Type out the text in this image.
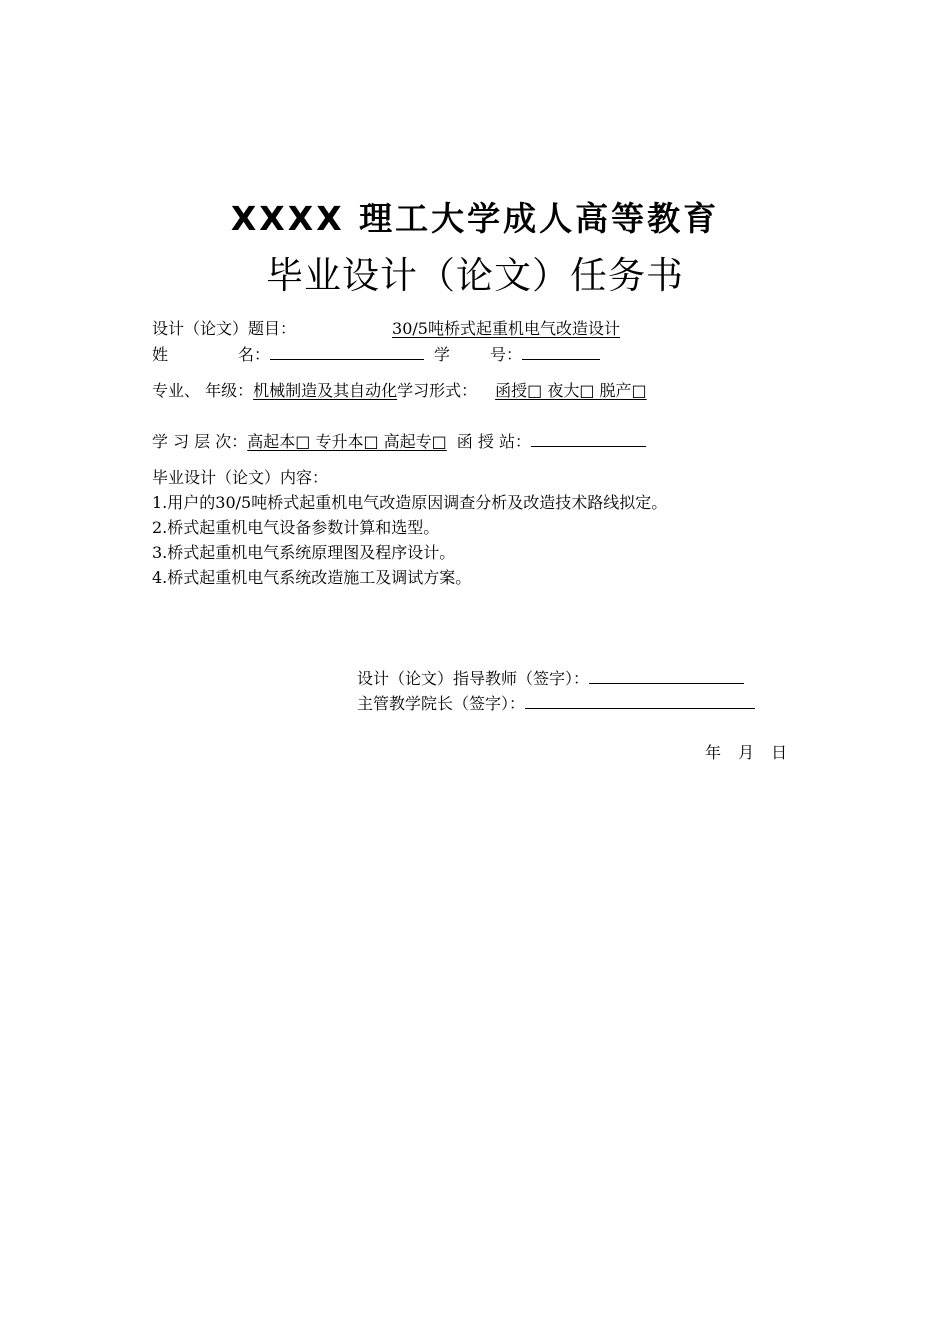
XXXX 理工大学成人高等教育
毕业设计（论文）任务书
设计（论文）题目：	30/5吨桥式起重机电气改造设计
姓	名：	学	号：
专业、 年级：机械制造及其自动化学习形式： 函授□ 夜大□ 脱产□
学 习 层 次：高起本□ 专升本□ 高起专□ 函 授 站：
毕业设计（论文）内容：
1.用户的30/5吨桥式起重机电气改造原因调查分析及改造技术路线拟定。
2.桥式起重机电气设备参数计算和选型。
3.桥式起重机电气系统原理图及程序设计。
4.桥式起重机电气系统改造施工及调试方案。
设计（论文）指导教师（签字）：
主管教学院长（签字）：
年 月 日
